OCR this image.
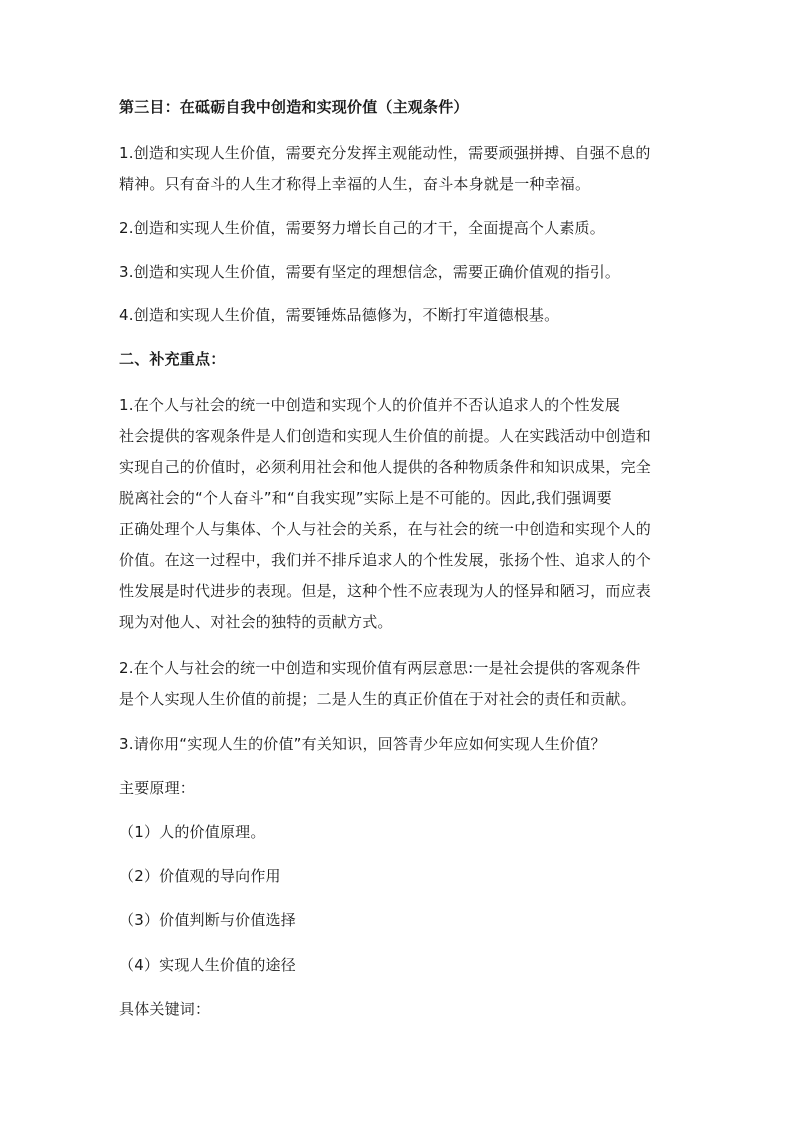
第三目：在砥砺自我中创造和实现价值（主观条件）
1.创造和实现人生价值，需要充分发挥主观能动性，需要顽强拼搏、自强不息的
精神。只有奋斗的人生才称得上幸福的人生，奋斗本身就是一种幸福。
2.创造和实现人生价值，需要努力增长自己的才干，全面提高个人素质。
3.创造和实现人生价值，需要有坚定的理想信念，需要正确价值观的指引。
4.创造和实现人生价值，需要锤炼品德修为，不断打牢道德根基。
二、补充重点：
1.在个人与社会的统一中创造和实现个人的价值并不否认追求人的个性发展
社会提供的客观条件是人们创造和实现人生价值的前提。人在实践活动中创造和
实现自己的价值时，必须利用社会和他人提供的各种物质条件和知识成果，完全
脱离社会的“个人奋斗”和“自我实现”实际上是不可能的。因此,我们强调要
正确处理个人与集体、个人与社会的关系，在与社会的统一中创造和实现个人的
价值。在这一过程中，我们并不排斥追求人的个性发展，张扬个性、追求人的个
性发展是时代进步的表现。但是，这种个性不应表现为人的怪异和陋习，而应表
现为对他人、对社会的独特的贡献方式。
2.在个人与社会的统一中创造和实现价值有两层意思:一是社会提供的客观条件
是个人实现人生价值的前提；二是人生的真正价值在于对社会的责任和贡献。
3.请你用“实现人生的价值”有关知识，回答青少年应如何实现人生价值？
主要原理：
（1）人的价值原理。
（2）价值观的导向作用
（3）价值判断与价值选择
（4）实现人生价值的途径
具体关键词：
